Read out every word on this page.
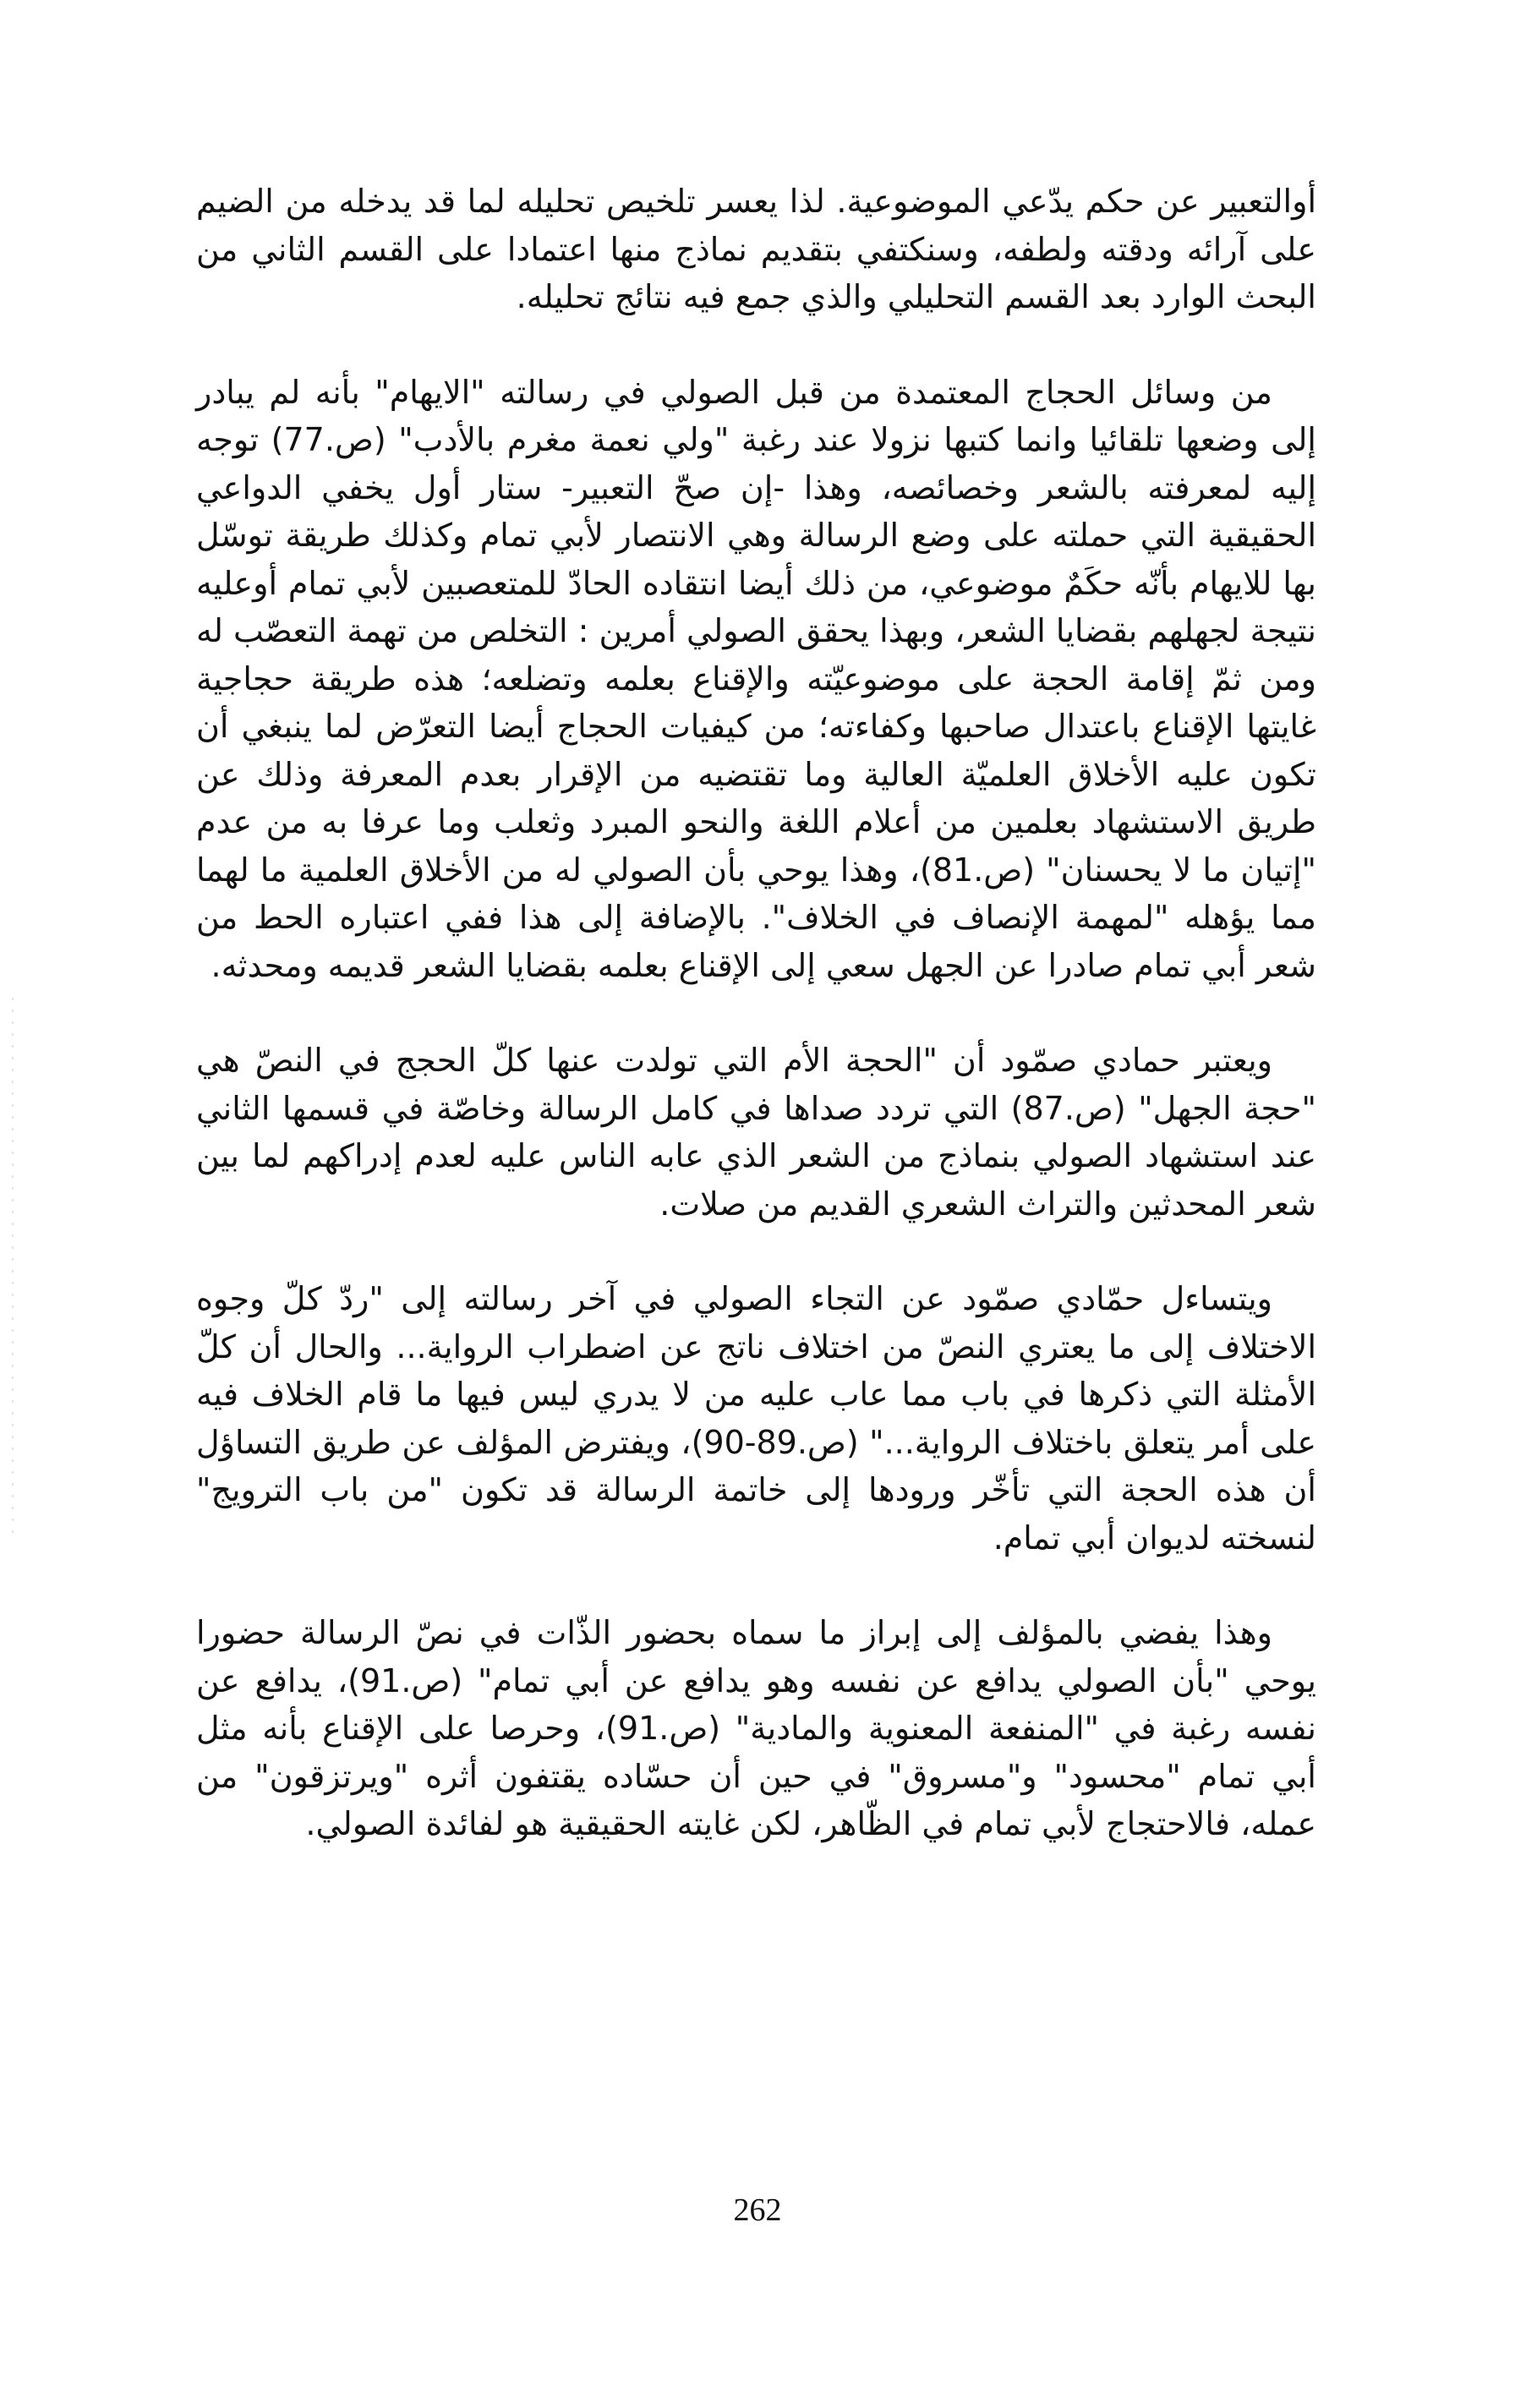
أوالتعبير عن حكم يدّعي الموضوعية. لذا يعسر تلخيص تحليله لما قد يدخله من الضيم على آرائه ودقته ولطفه، وسنكتفي بتقديم نماذج منها اعتمادا على القسم الثاني من البحث الوارد بعد القسم التحليلي والذي جمع فيه نتائج تحليله.

من وسائل الحجاج المعتمدة من قبل الصولي في رسالته "الايهام" بأنه لم يبادر إلى وضعها تلقائيا وانما كتبها نزولا عند رغبة "ولي نعمة مغرم بالأدب" (ص.77) توجه إليه لمعرفته بالشعر وخصائصه، وهذا -إن صحّ التعبير- ستار أول يخفي الدواعي الحقيقية التي حملته على وضع الرسالة وهي الانتصار لأبي تمام وكذلك طريقة توسّل بها للايهام بأنّه حكَمٌ موضوعي، من ذلك أيضا انتقاده الحادّ للمتعصبين لأبي تمام أوعليه نتيجة لجهلهم بقضايا الشعر، وبهذا يحقق الصولي أمرين : التخلص من تهمة التعصّب له ومن ثمّ إقامة الحجة على موضوعيّته والإقناع بعلمه وتضلعه؛ هذه طريقة حجاجية غايتها الإقناع باعتدال صاحبها وكفاءته؛ من كيفيات الحجاج أيضا التعرّض لما ينبغي أن تكون عليه الأخلاق العلميّة العالية وما تقتضيه من الإقرار بعدم المعرفة وذلك عن طريق الاستشهاد بعلمين من أعلام اللغة والنحو المبرد وثعلب وما عرفا به من عدم "إتيان ما لا يحسنان" (ص.81)، وهذا يوحي بأن الصولي له من الأخلاق العلمية ما لهما مما يؤهله "لمهمة الإنصاف في الخلاف". بالإضافة إلى هذا ففي اعتباره الحط من شعر أبي تمام صادرا عن الجهل سعي إلى الإقناع بعلمه بقضايا الشعر قديمه ومحدثه.

ويعتبر حمادي صمّود أن "الحجة الأم التي تولدت عنها كلّ الحجج في النصّ هي "حجة الجهل" (ص.87) التي تردد صداها في كامل الرسالة وخاصّة في قسمها الثاني عند استشهاد الصولي بنماذج من الشعر الذي عابه الناس عليه لعدم إدراكهم لما بين شعر المحدثين والتراث الشعري القديم من صلات.

ويتساءل حمّادي صمّود عن التجاء الصولي في آخر رسالته إلى "ردّ كلّ وجوه الاختلاف إلى ما يعتري النصّ من اختلاف ناتج عن اضطراب الرواية... والحال أن كلّ الأمثلة التي ذكرها في باب مما عاب عليه من لا يدري ليس فيها ما قام الخلاف فيه على أمر يتعلق باختلاف الرواية..." (ص.89-90)، ويفترض المؤلف عن طريق التساؤل أن هذه الحجة التي تأخّر ورودها إلى خاتمة الرسالة قد تكون "من باب الترويج" لنسخته لديوان أبي تمام.

وهذا يفضي بالمؤلف إلى إبراز ما سماه بحضور الذّات في نصّ الرسالة حضورا يوحي "بأن الصولي يدافع عن نفسه وهو يدافع عن أبي تمام" (ص.91)، يدافع عن نفسه رغبة في "المنفعة المعنوية والمادية" (ص.91)، وحرصا على الإقناع بأنه مثل أبي تمام "محسود" و"مسروق" في حين أن حسّاده يقتفون أثره "ويرتزقون" من عمله، فالاحتجاج لأبي تمام في الظّاهر، لكن غايته الحقيقية هو لفائدة الصولي.

262
